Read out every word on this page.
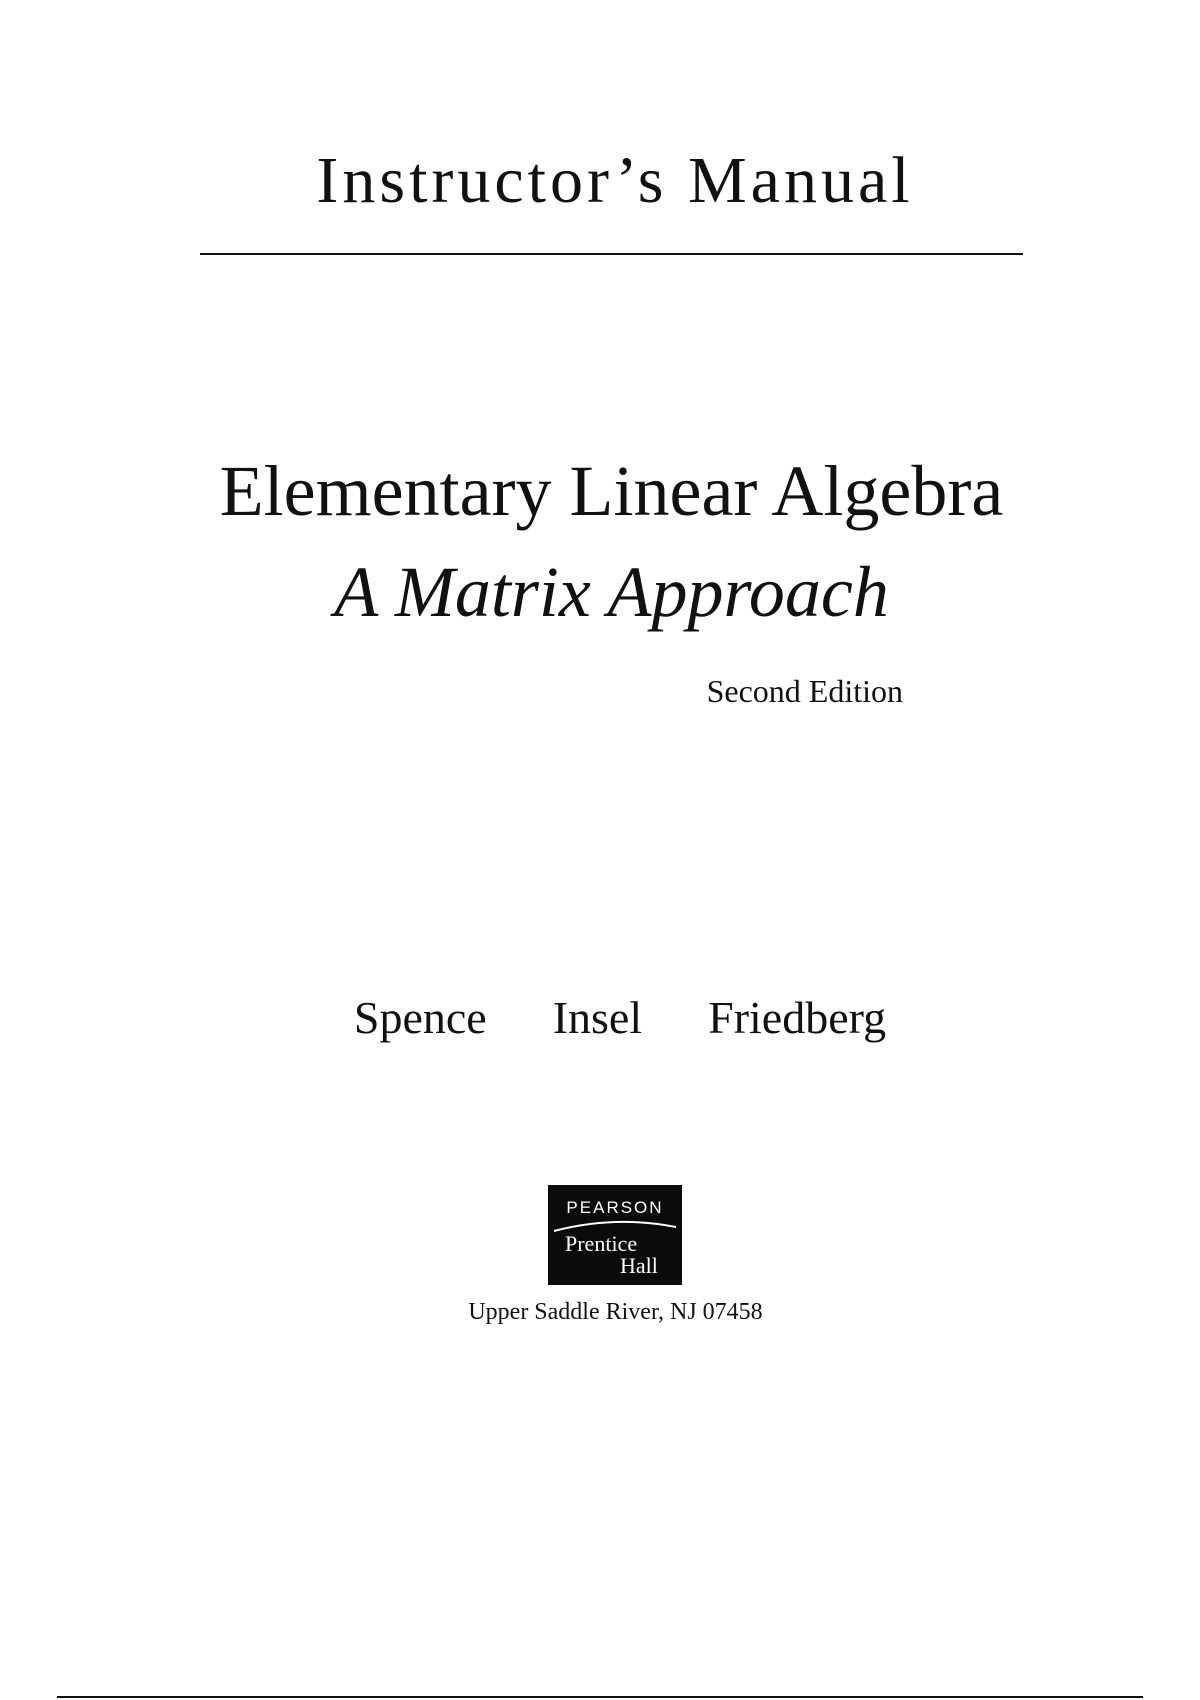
Instructor’s Manual
Elementary Linear Algebra
A Matrix Approach
Second Edition
Spence Insel Friedberg
PEARSON
Prentice
Hall
Upper Saddle River, NJ 07458
